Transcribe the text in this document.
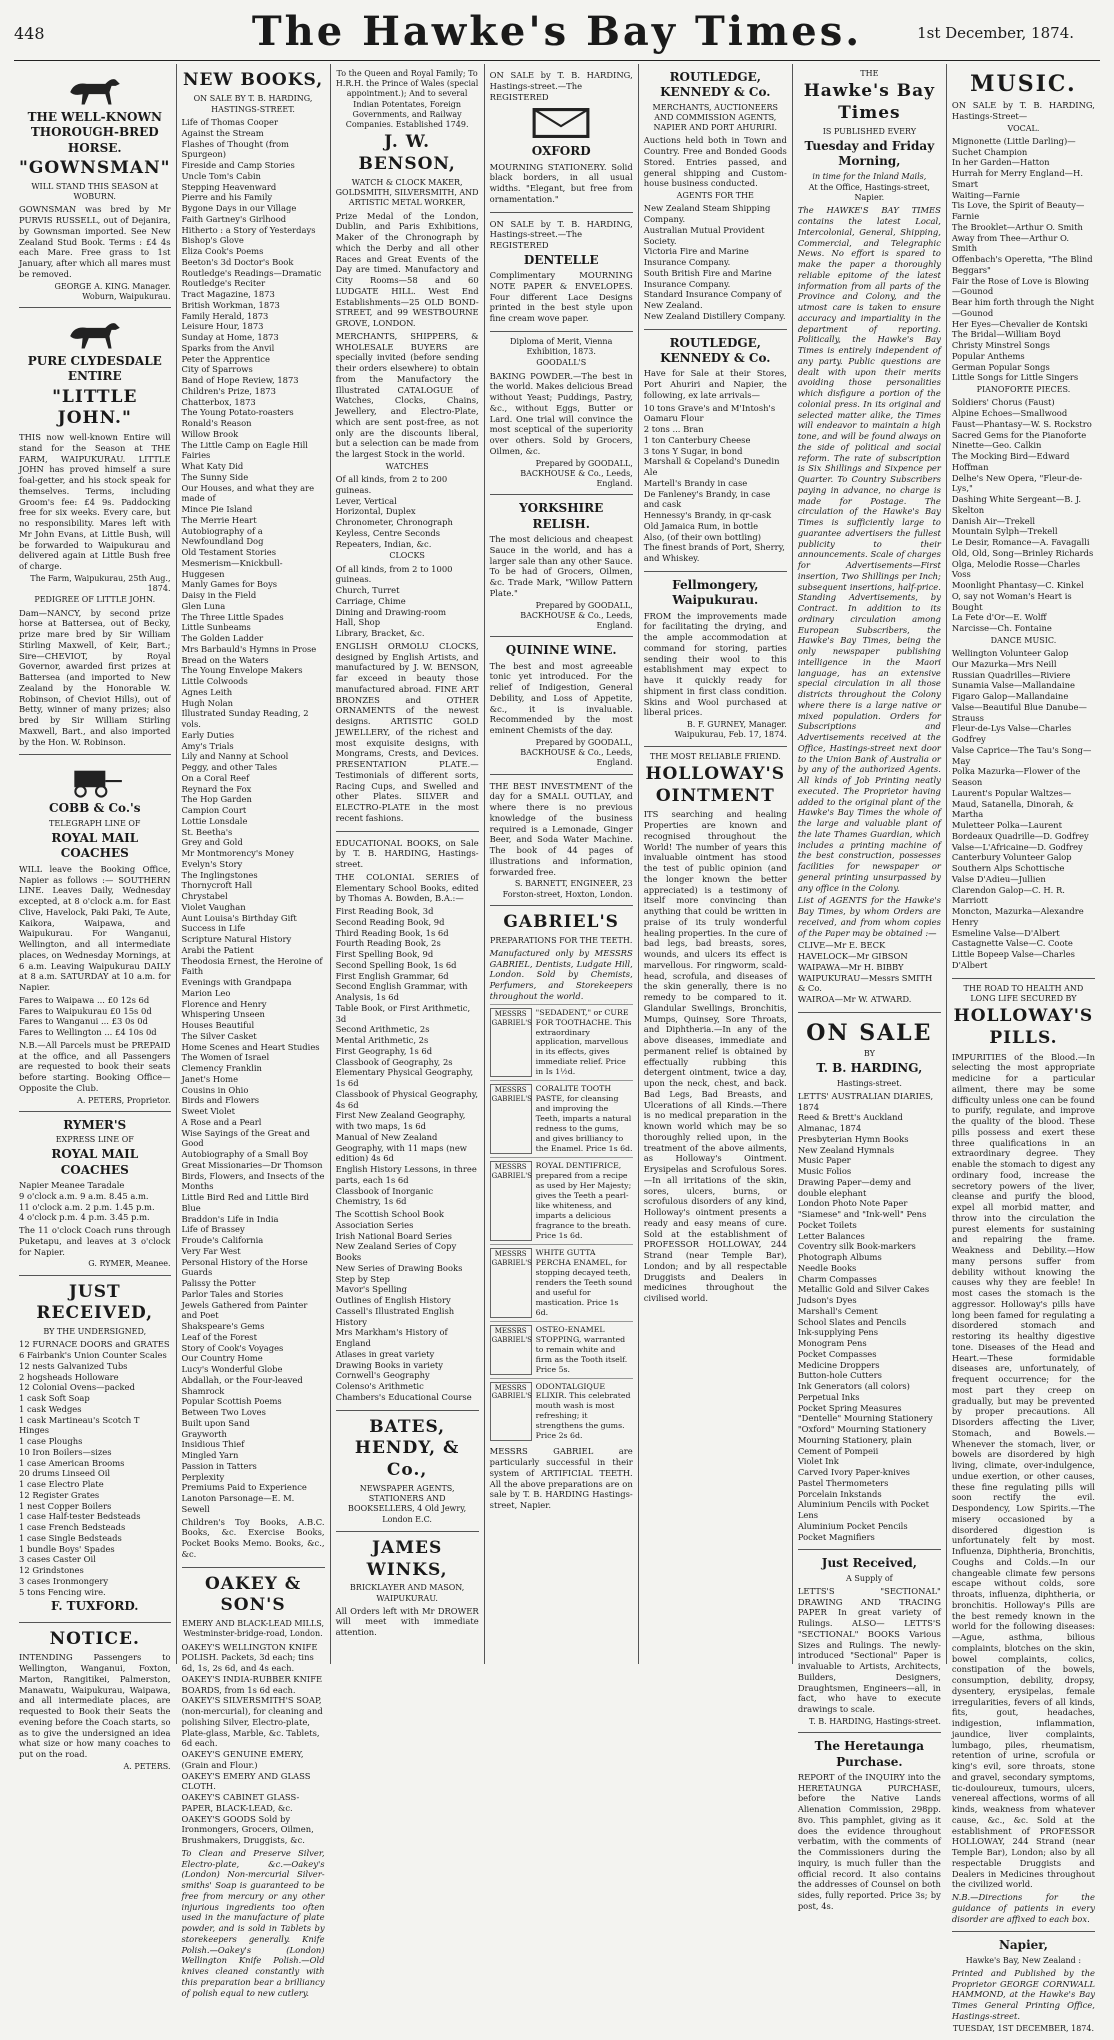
448	The Hawke's Bay Times.	1st December, 1874.
THE WELL-KNOWN THOROUGH-BRED HORSE.
"GOWNSMAN"
WILL STAND THIS SEASON at WOBURN.

GOWNSMAN was bred by Mr PURVIS RUSSELL, out of Dejanira, by Gownsman imported. See New Zealand Stud Book. Terms : £4 4s each Mare. Free grass to 1st January, after which all mares must be removed.

GEORGE A. KING. Manager. Woburn, Waipukurau.
PURE CLYDESDALE ENTIRE
"LITTLE JOHN."

THIS now well-known Entire will stand for the Season at THE FARM, WAIPUKURAU. LITTLE JOHN has proved himself a sure foal-getter, and his stock speak for themselves. Terms, including Groom's fee: £4 9s. Paddocking free for six weeks. Every care, but no responsibility. Mares left with Mr John Evans, at Little Bush, will be forwarded to Waipukurau and delivered again at Little Bush free of charge.

The Farm, Waipukurau, 25th Aug., 1874.
PEDIGREE OF LITTLE JOHN.

Dam—NANCY, by second prize horse at Battersea, out of Becky, prize mare bred by Sir William Stirling Maxwell, of Keir, Bart.; Sire—CHEVIOT, by Royal Governor, awarded first prizes at Battersea (and imported to New Zealand by the Honorable W. Robinson, of Cheviot Hills), out of Betty, winner of many prizes; also bred by Sir William Stirling Maxwell, Bart., and also imported by the Hon. W. Robinson.

COBB & Co.'s
TELEGRAPH LINE OF
ROYAL MAIL COACHES

WILL leave the Booking Office, Napier as follows :— SOUTHERN LINE. Leaves Daily, Wednesday excepted, at 8 o'clock a.m. for East Clive, Havelock, Paki Paki, Te Aute, Kaikora, Waipawa, and Waipukurau. For Wanganui, Wellington, and all intermediate places, on Wednesday Mornings, at 6 a.m. Leaving Waipukurau DAILY at 8 a.m. SATURDAY at 10 a.m. for Napier.

Fares to Waipawa ... £0 12s 6d
Fares to Waipukurau £0 15s 0d
Fares to Wanganui ... £3 0s 0d
Fares to Wellington ... £4 10s 0d

N.B.—All Parcels must be PREPAID at the office, and all Passengers are requested to book their seats before starting. Booking Office—Opposite the Club.

A. PETERS, Proprietor.
RYMER'S
EXPRESS LINE OF
ROYAL MAIL COACHES
Napier Meanee Taradale
9 o'clock a.m. 9 a.m. 8.45 a.m.
11 o'clock a.m. 2 p.m. 1.45 p.m.
4 o'clock p.m. 4 p.m. 3.45 p.m.

The 11 o'clock Coach runs through Puketapu, and leaves at 3 o'clock for Napier.

G. RYMER, Meanee.
JUST RECEIVED,
BY THE UNDERSIGNED,
12 FURNACE DOORS and GRATES
6 Fairbank's Union Counter Scales
12 nests Galvanized Tubs
2 hogsheads Holloware
12 Colonial Ovens—packed
1 cask Soft Soap
1 cask Wedges
1 cask Martineau's Scotch T Hinges
1 case Ploughs
10 Iron Boilers—sizes
1 case American Brooms
20 drums Linseed Oil
1 case Electro Plate
12 Register Grates
1 nest Copper Boilers
1 case Half-tester Bedsteads
1 case French Bedsteads
1 case Single Bedsteads
1 bundle Boys' Spades
3 cases Caster Oil
12 Grindstones
3 cases Ironmongery
5 tons Fencing wire.
F. TUXFORD.
NOTICE.

INTENDING Passengers to Wellington, Wanganui, Foxton, Marton, Rangitikei, Palmerston, Manawatu, Waipukurau, Waipawa, and all intermediate places, are requested to Book their Seats the evening before the Coach starts, so as to give the undersigned an idea what size or how many coaches to put on the road.

A. PETERS.
NEW BOOKS,
ON SALE BY T. B. HARDING,
HASTINGS-STREET.
Life of Thomas Cooper
Against the Stream
Flashes of Thought (from Spurgeon)
Fireside and Camp Stories
Uncle Tom's Cabin
Stepping Heavenward
Pierre and his Family
Bygone Days in our Village
Faith Gartney's Girlhood
Hitherto : a Story of Yesterdays
Bishop's Glove
Eliza Cook's Poems
Beeton's 3d Doctor's Book
Routledge's Readings—Dramatic
Routledge's Reciter
Tract Magazine, 1873
British Workman, 1873
Family Herald, 1873
Leisure Hour, 1873
Sunday at Home, 1873
Sparks from the Anvil
Peter the Apprentice
City of Sparrows
Band of Hope Review, 1873
Children's Prize, 1873
Chatterbox, 1873
The Young Potato-roasters
Ronald's Reason
Willow Brook
The Little Camp on Eagle Hill
Fairies
What Katy Did
The Sunny Side
Our Houses, and what they are made of
Mince Pie Island
The Merrie Heart
Autobiography of a Newfoundland Dog
Old Testament Stories
Mesmerism—Knickbull-Huggesen
Manly Games for Boys
Daisy in the Field
Glen Luna
The Three Little Spades
Little Sunbeams
The Golden Ladder
Mrs Barbauld's Hymns in Prose
Bread on the Waters
The Young Envelope Makers
Little Colwoods
Agnes Leith
Hugh Nolan
Illustrated Sunday Reading, 2 vols.
Early Duties
Amy's Trials
Lily and Nanny at School
Peggy, and other Tales
On a Coral Reef
Reynard the Fox
The Hop Garden
Campion Court
Lottie Lonsdale
St. Beetha's
Grey and Gold
Mr Montmorency's Money
Evelyn's Story
The Inglingstones
Thornycroft Hall
Chrystabel
Violet Vaughan
Aunt Louisa's Birthday Gift
Success in Life
Scripture Natural History
Arabi the Patient
Theodosia Ernest, the Heroine of Faith
Evenings with Grandpapa
Marion Leo
Florence and Henry
Whispering Unseen
Houses Beautiful
The Silver Casket
Home Scenes and Heart Studies
The Women of Israel
Clemency Franklin
Janet's Home
Cousins in Ohio
Birds and Flowers
Sweet Violet
A Rose and a Pearl
Wise Sayings of the Great and Good
Autobiography of a Small Boy
Great Missionaries—Dr Thomson
Birds, Flowers, and Insects of the Months
Little Bird Red and Little Bird Blue
Braddon's Life in India
Life of Brassey
Froude's California
Very Far West
Personal History of the Horse Guards
Palissy the Potter
Parlor Tales and Stories
Jewels Gathered from Painter and Poet
Shakspeare's Gems
Leaf of the Forest
Story of Cook's Voyages
Our Country Home
Lucy's Wonderful Globe
Abdallah, or the Four-leaved Shamrock
Popular Scottish Poems
Between Two Loves
Built upon Sand
Grayworth
Insidious Thief
Mingled Yarn
Passion in Tatters
Perplexity
Premiums Paid to Experience
Lanoton Parsonage—E. M. Sewell

Children's Toy Books, A.B.C. Books, &c. Exercise Books, Pocket Books Memo. Books, &c., &c.

OAKEY & SON'S
EMERY AND BLACK-LEAD MILLS, Westminster-bridge-road, London.
OAKEY'S WELLINGTON KNIFE POLISH. Packets, 3d each; tins 6d, 1s, 2s 6d, and 4s each.
OAKEY'S INDIA-RUBBER KNIFE BOARDS, from 1s 6d each.
OAKEY'S SILVERSMITH'S SOAP, (non-mercurial), for cleaning and polishing Silver, Electro-plate, Plate-glass, Marble, &c. Tablets, 6d each.
OAKEY'S GENUINE EMERY, (Grain and Flour.)
OAKEY'S EMERY AND GLASS CLOTH.
OAKEY'S CABINET GLASS-PAPER, BLACK-LEAD, &c.
OAKEY'S GOODS Sold by Ironmongers, Grocers, Oilmen, Brushmakers, Druggists, &c.

To Clean and Preserve Silver, Electro-plate, &c.—Oakey's (London) Non-mercurial Silver-smiths' Soap is guaranteed to be free from mercury or any other injurious ingredients too often used in the manufacture of plate powder, and is sold in Tablets by storekeepers generally. Knife Polish.—Oakey's (London) Wellington Knife Polish.—Old knives cleaned constantly with this preparation bear a brilliancy of polish equal to new cutlery.

To the Queen and Royal Family; To H.R.H. the Prince of Wales (special appointment.); And to several Indian Potentates, Foreign Governments, and Railway Companies. Established 1749.

J. W. BENSON,
WATCH & CLOCK MAKER, GOLDSMITH, SILVERSMITH, AND ARTISTIC METAL WORKER,

Prize Medal of the London, Dublin, and Paris Exhibitions, Maker of the Chronograph by which the Derby and all other Races and Great Events of the Day are timed. Manufactory and City Rooms—58 and 60 LUDGATE HILL. West End Establishments—25 OLD BOND-STREET, and 99 WESTBOURNE GROVE, LONDON.

MERCHANTS, SHIPPERS, & WHOLESALE BUYERS are specially invited (before sending their orders elsewhere) to obtain from the Manufactory the Illustrated CATALOGUE of Watches, Clocks, Chains, Jewellery, and Electro-Plate, which are sent post-free, as not only are the discounts liberal, but a selection can be made from the largest Stock in the world.

WATCHES
Of all kinds, from 2 to 200 guineas.
Lever, Vertical
Horizontal, Duplex
Chronometer, Chronograph
Keyless, Centre Seconds
Repeaters, Indian, &c.
CLOCKS
Of all kinds, from 2 to 1000 guineas.
Church, Turret
Carriage, Chime
Dining and Drawing-room
Hall, Shop
Library, Bracket, &c.

ENGLISH ORMOLU CLOCKS, designed by English Artists, and manufactured by J. W. BENSON, far exceed in beauty those manufactured abroad. FINE ART BRONZES and OTHER ORNAMENTS of the newest designs. ARTISTIC GOLD JEWELLERY, of the richest and most exquisite designs, with Mongrams, Crests, and Devices. PRESENTATION PLATE.—Testimonials of different sorts, Racing Cups, and Swelled and other Plates. SILVER and ELECTRO-PLATE in the most recent fashions.

EDUCATIONAL BOOKS, on Sale by T. B. HARDING, Hastings-street.

THE COLONIAL SERIES of Elementary School Books, edited by Thomas A. Bowden, B.A.:—

First Reading Book, 3d
Second Reading Book, 9d
Third Reading Book, 1s 6d
Fourth Reading Book, 2s
First Spelling Book, 9d
Second Spelling Book, 1s 6d
First English Grammar, 6d
Second English Grammar, with Analysis, 1s 6d
Table Book, or First Arithmetic, 3d
Second Arithmetic, 2s
Mental Arithmetic, 2s
First Geography, 1s 6d
Classbook of Geography, 2s
Elementary Physical Geography, 1s 6d
Classbook of Physical Geography, 4s 6d
First New Zealand Geography, with two maps, 1s 6d
Manual of New Zealand Geography, with 11 maps (new edition) 4s 6d
English History Lessons, in three parts, each 1s 6d
Classbook of Inorganic Chemistry, 1s 6d
The Scottish School Book Association Series
Irish National Board Series
New Zealand Series of Copy Books
New Series of Drawing Books
Step by Step
Mavor's Spelling
Outlines of English History
Cassell's Illustrated English History
Mrs Markham's History of England
Atlases in great variety
Drawing Books in variety
Cornwell's Geography
Colenso's Arithmetic
Chambers's Educational Course
BATES, HENDY, & Co.,
NEWSPAPER AGENTS, STATIONERS AND BOOKSELLERS, 4 Old Jewry, London E.C.
JAMES WINKS,
BRICKLAYER AND MASON, WAIPUKURAU.

All Orders left with Mr DROWER will meet with immediate attention.

ON SALE by T. B. HARDING, Hastings-street.—The REGISTERED

OXFORD

MOURNING STATIONERY. Solid black borders, in all usual widths. "Elegant, but free from ornamentation."

ON SALE by T. B. HARDING, Hastings-street.—The REGISTERED

DENTELLE

Complimentary MOURNING NOTE PAPER & ENVELOPES. Four different Lace Designs printed in the best style upon fine cream wove paper.

Diploma of Merit, Vienna Exhibition, 1873.
GOODALL'S

BAKING POWDER.—The best in the world. Makes delicious Bread without Yeast; Puddings, Pastry, &c., without Eggs, Butter or Lard. One trial will convince the most sceptical of the superiority over others. Sold by Grocers, Oilmen, &c.

Prepared by GOODALL, BACKHOUSE & Co., Leeds, England.
YORKSHIRE RELISH.

The most delicious and cheapest Sauce in the world, and has a larger sale than any other Sauce. To be had of Grocers, Oilmen, &c. Trade Mark, "Willow Pattern Plate."

Prepared by GOODALL, BACKHOUSE & Co., Leeds, England.
QUININE WINE.

The best and most agreeable tonic yet introduced. For the relief of Indigestion, General Debility, and Loss of Appetite, &c., it is invaluable. Recommended by the most eminent Chemists of the day.

Prepared by GOODALL, BACKHOUSE & Co., Leeds, England.

THE BEST INVESTMENT of the day for a SMALL OUTLAY, and where there is no previous knowledge of the business required is a Lemonade, Ginger Beer, and Soda Water Machine. The book of 44 pages of illustrations and information, forwarded free.

S. BARNETT, ENGINEER, 23 Forston-street, Hoxton, London.
GABRIEL'S
PREPARATIONS FOR THE TEETH.

Manufactured only by MESSRS GABRIEL, Dentists, Ludgate Hill, London. Sold by Chemists, Perfumers, and Storekeepers throughout the world.

MESSRS GABRIEL'S
"SEDADENT," or CURE FOR TOOTHACHE. This extraordinary application, marvellous in its effects, gives immediate relief. Price in Is 1½d.
MESSRS GABRIEL'S
CORALITE TOOTH PASTE, for cleansing and improving the Teeth, imparts a natural redness to the gums, and gives brilliancy to the Enamel. Price 1s 6d.
MESSRS GABRIEL'S
ROYAL DENTIFRICE, prepared from a recipe as used by Her Majesty; gives the Teeth a pearl-like whiteness, and imparts a delicious fragrance to the breath. Price 1s 6d.
MESSRS GABRIEL'S
WHITE GUTTA PERCHA ENAMEL, for stopping decayed teeth, renders the Teeth sound and useful for mastication. Price 1s 6d.
MESSRS GABRIEL'S
OSTEO-ENAMEL STOPPING, warranted to remain white and firm as the Tooth itself. Price 5s.
MESSRS GABRIEL'S
ODONTALGIQUE ELIXIR. This celebrated mouth wash is most refreshing; it strengthens the gums. Price 2s 6d.

MESSRS GABRIEL are particularly successful in their system of ARTIFICIAL TEETH. All the above preparations are on sale by T. B. HARDING Hastings-street, Napier.

ROUTLEDGE, KENNEDY & Co.
MERCHANTS, AUCTIONEERS AND COMMISSION AGENTS, NAPIER AND PORT AHURIRI.

Auctions held both in Town and Country. Free and Bonded Goods Stored. Entries passed, and general shipping and Custom-house business conducted.

AGENTS FOR THE
New Zealand Steam Shipping Company.
Australian Mutual Provident Society.
Victoria Fire and Marine Insurance Company.
South British Fire and Marine Insurance Company.
Standard Insurance Company of New Zealand.
New Zealand Distillery Company.
ROUTLEDGE, KENNEDY & Co.

Have for Sale at their Stores, Port Ahuriri and Napier, the following, ex late arrivals—

10 tons Grave's and M'Intosh's Oamaru Flour
2 tons ... Bran
1 ton Canterbury Cheese
3 tons Y Sugar, in bond
Marshall & Copeland's Dunedin Ale
Martell's Brandy in case
De Fanleney's Brandy, in case and cask
Hennessy's Brandy, in qr-cask
Old Jamaica Rum, in bottle
Also, (of their own bottling)
The finest brands of Port, Sherry, and Whiskey.
Fellmongery, Waipukurau.

FROM the improvements made for facilitating the drying, and the ample accommodation at command for storing, parties sending their wool to this establishment may expect to have it quickly ready for shipment in first class condition. Skins and Wool purchased at liberal prices.

B. F. GURNEY, Manager. Waipukurau, Feb. 17, 1874.
THE MOST RELIABLE FRIEND.
HOLLOWAY'S OINTMENT

ITS searching and healing Properties are known and recognised throughout the World! The number of years this invaluable ointment has stood the test of public opinion (and the longer known the better appreciated) is a testimony of itself more convincing than anything that could be written in praise of its truly wonderful healing properties. In the cure of bad legs, bad breasts, sores, wounds, and ulcers its effect is marvellous. For ringworm, scald-head, scrofula, and diseases of the skin generally, there is no remedy to be compared to it. Glandular Swellings, Bronchitis, Mumps, Quinsey, Sore Throats, and Diphtheria.—In any of the above diseases, immediate and permanent relief is obtained by effectually rubbing this detergent ointment, twice a day, upon the neck, chest, and back. Bad Legs, Bad Breasts, and Ulcerations of all Kinds.—There is no medical preparation in the known world which may be so thoroughly relied upon, in the treatment of the above ailments, as Holloway's Ointment. Erysipelas and Scrofulous Sores.—In all irritations of the skin, sores, ulcers, burns, or scrofulous disorders of any kind, Holloway's ointment presents a ready and easy means of cure. Sold at the establishment of PROFESSOR HOLLOWAY, 244 Strand (near Temple Bar), London; and by all respectable Druggists and Dealers in medicines throughout the civilised world.

THE
Hawke's Bay Times
IS PUBLISHED EVERY
Tuesday and Friday Morning,
in time for the Inland Mails,
At the Office, Hastings-street, Napier.

The HAWKE'S BAY TIMES contains the latest Local, Intercolonial, General, Shipping, Commercial, and Telegraphic News. No effort is spared to make the paper a thoroughly reliable epitome of the latest information from all parts of the Province and Colony, and the utmost care is taken to ensure accuracy and impartiality in the department of reporting. Politically, the Hawke's Bay Times is entirely independent of any party. Public questions are dealt with upon their merits avoiding those personalities which disfigure a portion of the colonial press. In its original and selected matter alike, the Times will endeavor to maintain a high tone, and will be found always on the side of political and social reform. The rate of subscription is Six Shillings and Sixpence per Quarter. To Country Subscribers paying in advance, no charge is made for Postage. The circulation of the Hawke's Bay Times is sufficiently large to guarantee advertisers the fullest publicity to their announcements. Scale of charges for Advertisements—First insertion, Two Shillings per Inch; subsequent insertions, half-price. Standing Advertisements, by Contract. In addition to its ordinary circulation among European Subscribers, the Hawke's Bay Times, being the only newspaper publishing intelligence in the Maori language, has an extensive special circulation in all those districts throughout the Colony where there is a large native or mixed population. Orders for Subscriptions and Advertisements received at the Office, Hastings-street next door to the Union Bank of Australia or by any of the authorized Agents. All kinds of Job Printing neatly executed. The Proprietor having added to the original plant of the Hawke's Bay Times the whole of the large and valuable plant of the late Thames Guardian, which includes a printing machine of the best construction, possesses facilities for newspaper or general printing unsurpassed by any office in the Colony.

List of AGENTS for the Hawke's Bay Times, by whom Orders are received, and from whom copies of the Paper may be obtained :—

CLIVE—Mr E. BECK
HAVELOCK—Mr GIBSON
WAIPAWA—Mr H. BIBBY
WAIPUKURAU—Messrs SMITH & Co.
WAIROA—Mr W. ATWARD.
ON SALE
BY
T. B. HARDING,
Hastings-street.
LETTS' AUSTRALIAN DIARIES, 1874
Reed & Brett's Auckland Almanac, 1874
Presbyterian Hymn Books
New Zealand Hymnals
Music Paper
Music Folios
Drawing Paper—demy and double elephant
London Photo Note Paper
"Siamese" and "Ink-well" Pens
Pocket Toilets
Letter Balances
Coventry silk Book-markers
Photograph Albums
Needle Books
Charm Compasses
Metallic Gold and Silver Cakes
Judson's Dyes
Marshall's Cement
School Slates and Pencils
Ink-supplying Pens
Monogram Pens
Pocket Compasses
Medicine Droppers
Button-hole Cutters
Ink Generators (all colors)
Perpetual Inks
Pocket Spring Measures
"Dentelle" Mourning Stationery
"Oxford" Mourning Stationery
Mourning Stationery, plain
Cement of Pompeii
Violet Ink
Carved Ivory Paper-knives
Pastel Thermometers
Porcelain Inkstands
Aluminium Pencils with Pocket Lens
Aluminium Pocket Pencils
Pocket Magnifiers
Just Received,
A Supply of

LETTS'S "SECTIONAL" DRAWING AND TRACING PAPER In great variety of Rulings. ALSO— LETTS'S "SECTIONAL" BOOKS Various Sizes and Rulings. The newly-introduced "Sectional" Paper is invaluable to Artists, Architects, Builders, Designers, Draughtsmen, Engineers—all, in fact, who have to execute drawings to scale.

T. B. HARDING, Hastings-street.
The Heretaunga Purchase.

REPORT of the INQUIRY into the HERETAUNGA PURCHASE, before the Native Lands Alienation Commission, 298pp. 8vo. This pamphlet, giving as it does the evidence throughout verbatim, with the comments of the Commissioners during the inquiry, is much fuller than the official record. It also contains the addresses of Counsel on both sides, fully reported. Price 3s; by post, 4s.

MUSIC.

ON SALE by T. B. HARDING, Hastings-Street—

VOCAL.
Mignonette (Little Darling)—Suchet Champion
In her Garden—Hatton
Hurrah for Merry England—H. Smart
Waiting—Farnie
Tis Love, the Spirit of Beauty—Farnie
The Brooklet—Arthur O. Smith
Away from Thee—Arthur O. Smith
Offenbach's Operetta, "The Blind Beggars"
Fair the Rose of Love is Blowing—Gounod
Bear him forth through the Night—Gounod
Her Eyes—Chevalier de Kontski
The Bridal—William Boyd
Christy Minstrel Songs
Popular Anthems
German Popular Songs
Little Songs for Little Singers
PIANOFORTE PIECES.
Soldiers' Chorus (Faust)
Alpine Echoes—Smallwood
Faust—Phantasy—W. S. Rockstro
Sacred Gems for the Pianoforte
Ninette—Geo. Calkin
The Mocking Bird—Edward Hoffman
Delhe's New Opera, "Fleur-de-Lys,"
Dashing White Sergeant—B. J. Skelton
Danish Air—Trekell
Mountain Sylph—Trekell
Le Desir, Romance—A. Favagalli
Old, Old, Song—Brinley Richards
Olga, Melodie Rosse—Charles Voss
Moonlight Phantasy—C. Kinkel
O, say not Woman's Heart is Bought
La Fete d'Or—E. Wolff
Narcisse—Ch. Fontaine
DANCE MUSIC.
Wellington Volunteer Galop
Our Mazurka—Mrs Neill
Russian Quadrilles—Riviere
Sunamia Valse—Mallandaine
Figaro Galop—Mallandaine
Valse—Beautiful Blue Danube—Strauss
Fleur-de-Lys Valse—Charles Godfrey
Valse Caprice—The Tau's Song—May
Polka Mazurka—Flower of the Season
Laurent's Popular Waltzes—Maud, Satanella, Dinorah, & Martha
Muletteer Polka—Laurent
Bordeaux Quadrille—D. Godfrey
Valse—L'Africaine—D. Godfrey
Canterbury Volunteer Galop
Southern Alps Schottische
Valse D'Adieu—Jullien
Clarendon Galop—C. H. R. Marriott
Moncton, Mazurka—Alexandre Henry
Esmeline Valse—D'Albert
Castagnette Valse—C. Coote
Little Bopeep Valse—Charles D'Albert
THE ROAD TO HEALTH AND LONG LIFE SECURED BY
HOLLOWAY'S PILLS.

IMPURITIES of the Blood.—In selecting the most appropriate medicine for a particular ailment, there may be some difficulty unless one can be found to purify, regulate, and improve the quality of the blood. These pills possess and exert these three qualifications in an extraordinary degree. They enable the stomach to digest any ordinary food, increase the secretory powers of the liver, cleanse and purify the blood, expel all morbid matter, and throw into the circulation the purest elements for sustaining and repairing the frame. Weakness and Debility.—How many persons suffer from debility without knowing the causes why they are feeble! In most cases the stomach is the aggressor. Holloway's pills have long been famed for regulating a disordered stomach and restoring its healthy digestive tone. Diseases of the Head and Heart.—These formidable diseases are, unfortunately, of frequent occurrence; for the most part they creep on gradually, but may be prevented by proper precautions. All Disorders affecting the Liver, Stomach, and Bowels.—Whenever the stomach, liver, or bowels are disordered by high living, climate, over-indulgence, undue exertion, or other causes, these fine regulating pills will soon rectify the evil. Despondency, Low Spirits.—The misery occasioned by a disordered digestion is unfortunately felt by most. Influenza, Diphtheria, Bronchitis, Coughs and Colds.—In our changeable climate few persons escape without colds, sore throats, influenza, diphtheria, or bronchitis. Holloway's Pills are the best remedy known in the world for the following diseases:—Ague, asthma, bilious complaints, blotches on the skin, bowel complaints, colics, constipation of the bowels, consumption, debility, dropsy, dysentery, erysipelas, female irregularities, fevers of all kinds, fits, gout, headaches, indigestion, inflammation, jaundice, liver complaints, lumbago, piles, rheumatism, retention of urine, scrofula or king's evil, sore throats, stone and gravel, secondary symptoms, tic-douloureux, tumours, ulcers, venereal affections, worms of all kinds, weakness from whatever cause, &c., &c. Sold at the establishment of PROFESSOR HOLLOWAY, 244 Strand (near Temple Bar), London; also by all respectable Druggists and Dealers in Medicines throughout the civilized world.

N.B.—Directions for the guidance of patients in every disorder are affixed to each box.

Napier,
Hawke's Bay, New Zealand :

Printed and Published by the Proprietor GEORGE CORNWALL HAMMOND, at the Hawke's Bay Times General Printing Office, Hastings-street.

TUESDAY, 1ST DECEMBER, 1874.
